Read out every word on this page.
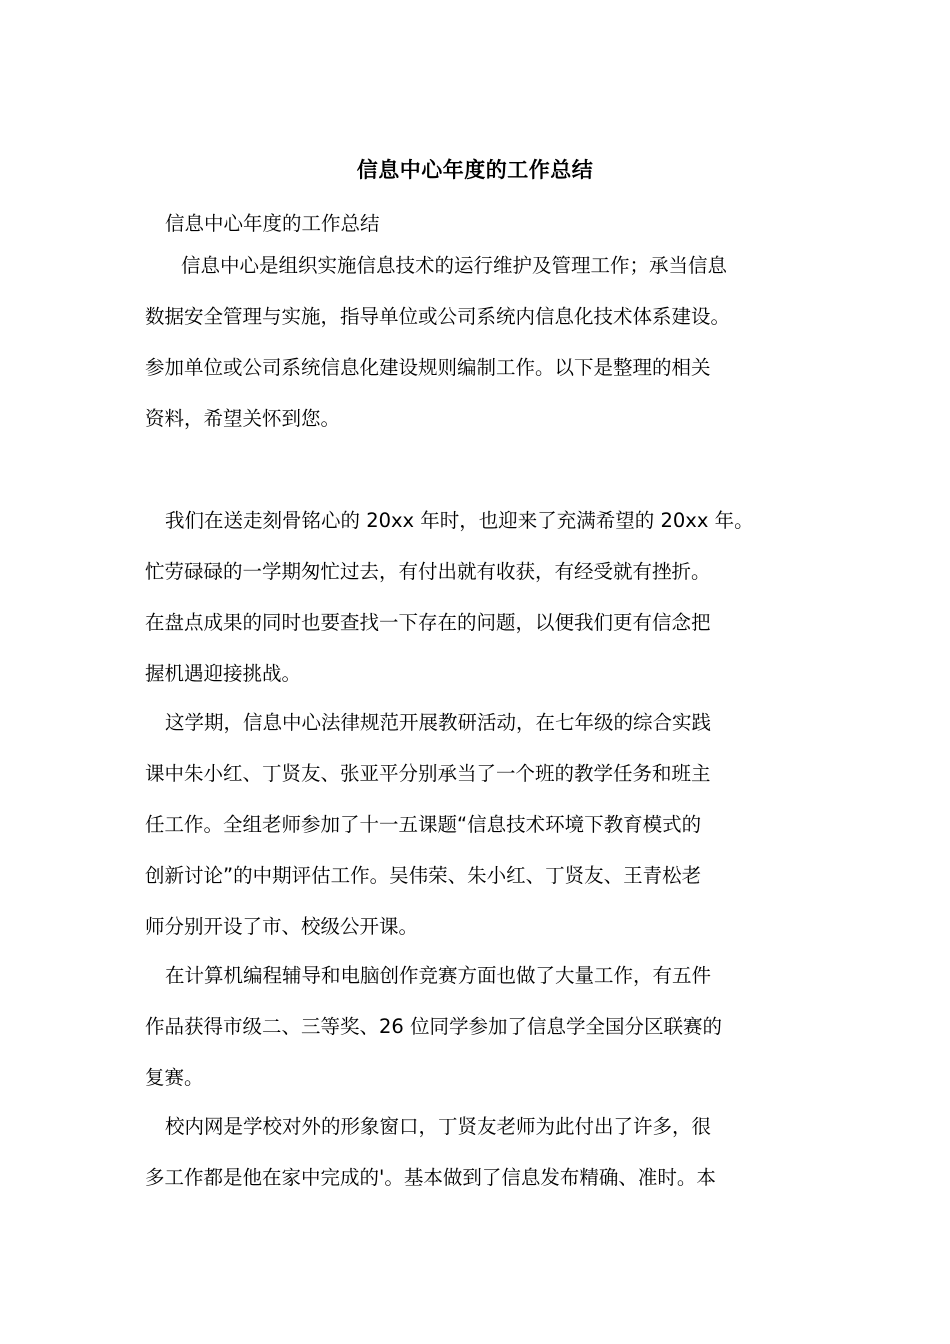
信息中心年度的工作总结
信息中心年度的工作总结

信息中心是组织实施信息技术的运行维护及管理工作；承当信息
数据安全管理与实施，指导单位或公司系统内信息化技术体系建设。
参加单位或公司系统信息化建设规则编制工作。以下是整理的相关
资料，希望关怀到您。

我们在送走刻骨铭心的 20xx 年时，也迎来了充满希望的 20xx 年。
忙劳碌碌的一学期匆忙过去，有付出就有收获，有经受就有挫折。
在盘点成果的同时也要查找一下存在的问题，以便我们更有信念把
握机遇迎接挑战。

这学期，信息中心法律规范开展教研活动，在七年级的综合实践
课中朱小红、丁贤友、张亚平分别承当了一个班的教学任务和班主
任工作。全组老师参加了十一五课题“信息技术环境下教育模式的
创新讨论”的中期评估工作。吴伟荣、朱小红、丁贤友、王青松老
师分别开设了市、校级公开课。

在计算机编程辅导和电脑创作竞赛方面也做了大量工作，有五件
作品获得市级二、三等奖、26 位同学参加了信息学全国分区联赛的
复赛。

校内网是学校对外的形象窗口，丁贤友老师为此付出了许多，很
多工作都是他在家中完成的'。基本做到了信息发布精确、准时。本
